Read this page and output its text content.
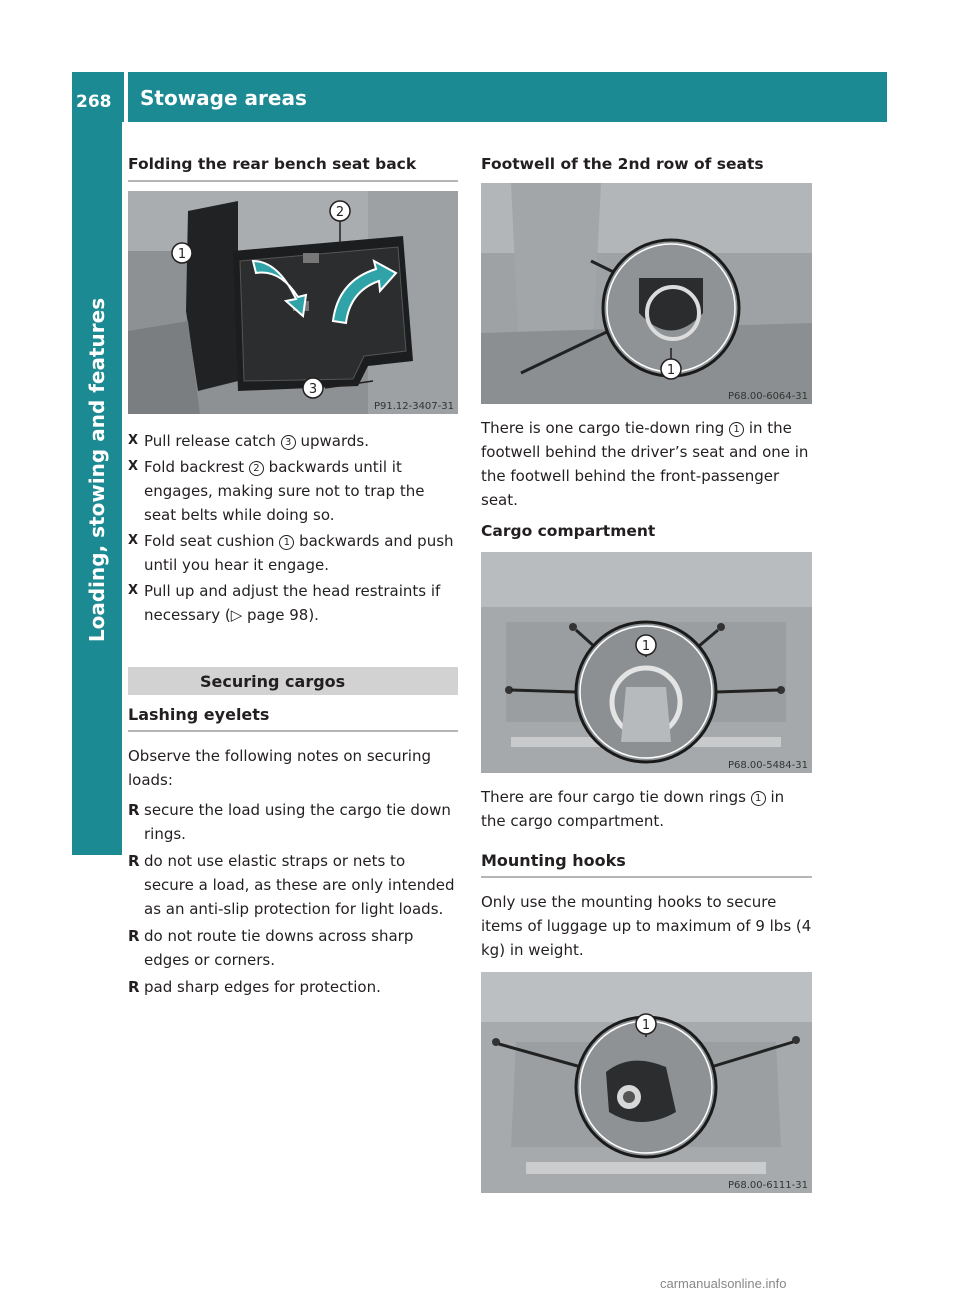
268 Stowage areas
Loading, stowing and features
Folding the rear bench seat back
1
2
3
P91.12-3407-31
X Pull release catch 3 upwards.
X Fold backrest 2 backwards until it engages, making sure not to trap the seat belts while doing so.
X Fold seat cushion 1 backwards and push until you hear it engage.
X Pull up and adjust the head restraints if necessary (▷ page 98).
Securing cargos
Lashing eyelets

Observe the following notes on securing loads:

R secure the load using the cargo tie down rings.
R do not use elastic straps or nets to secure a load, as these are only intended as an anti-slip protection for light loads.
R do not route tie downs across sharp edges or corners.
R pad sharp edges for protection.
Footwell of the 2nd row of seats
1
P68.00-6064-31

There is one cargo tie-down ring 1 in the footwell behind the driver’s seat and one in the footwell behind the front-passenger seat.

Cargo compartment
1
P68.00-5484-31

There are four cargo tie down rings 1 in the cargo compartment.

Mounting hooks

Only use the mounting hooks to secure items of luggage up to maximum of 9 lbs (4 kg) in weight.

1
P68.00-6111-31
carmanualsonline.info
